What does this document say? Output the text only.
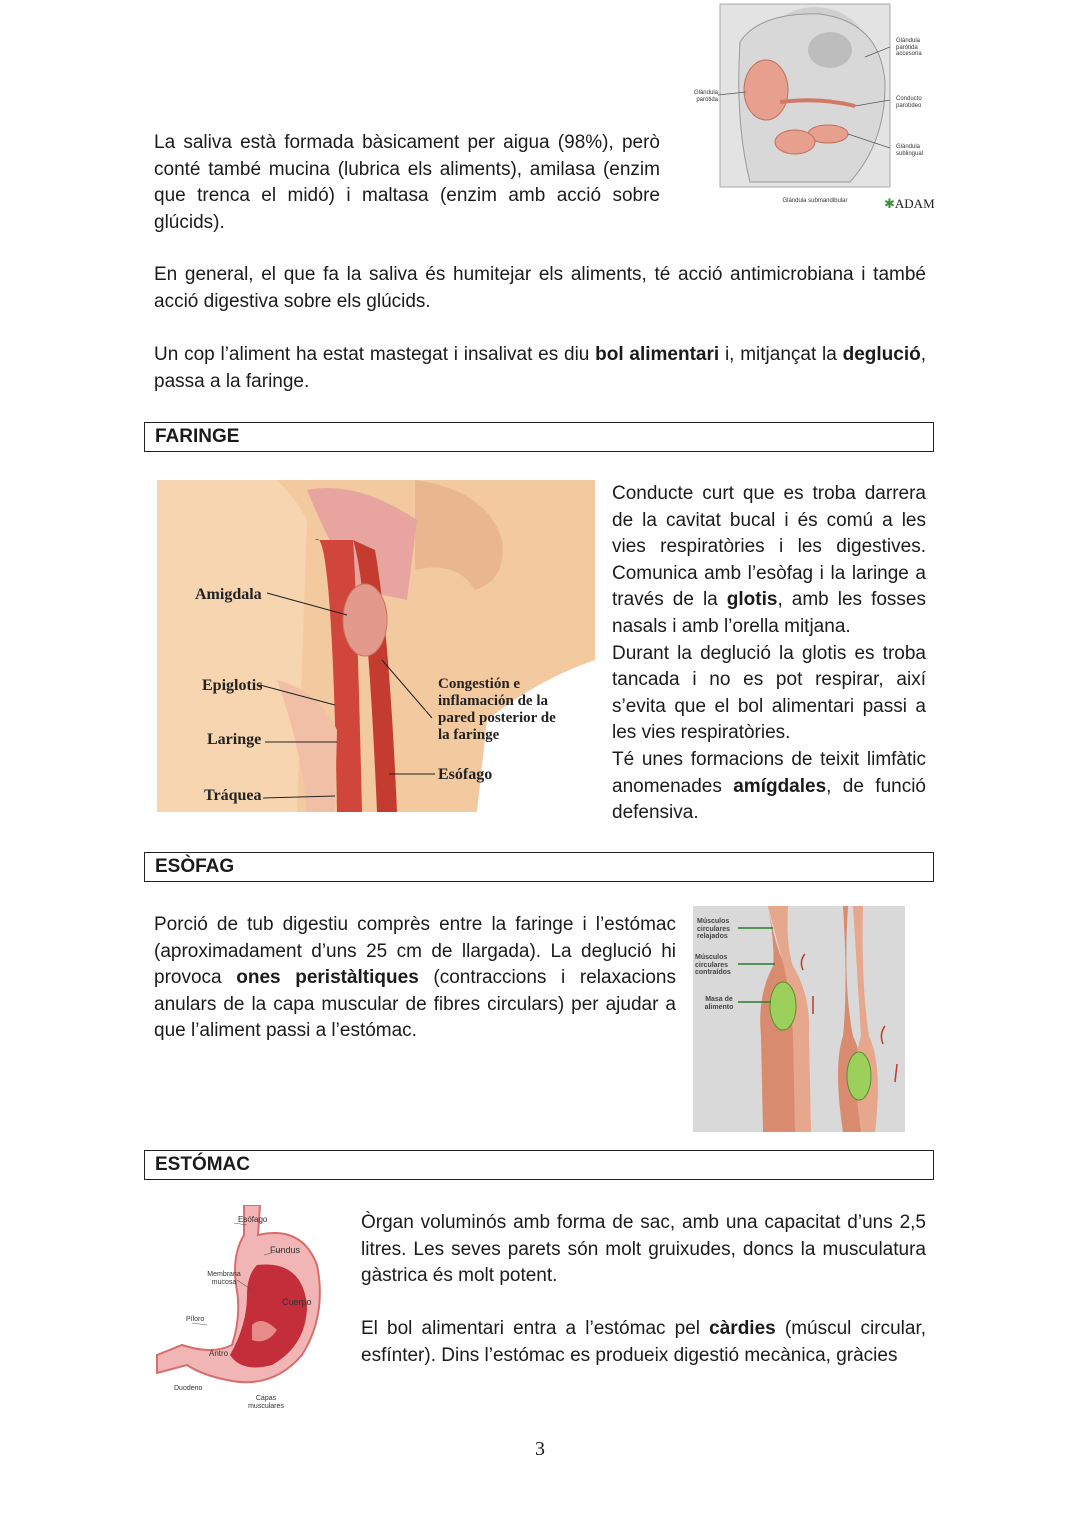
Glándula parótida
Glándula parótida accesoria
Conducto parotídeo
Glándula sublingual
Glándula submandibular	✱ADAM

La saliva està formada bàsicament per aigua (98%), però conté també mucina (lubrica els aliments), amilasa (enzim que trenca el midó) i maltasa (enzim amb acció sobre glúcids).

En general, el que fa la saliva és humitejar els aliments, té acció antimicrobiana i també acció digestiva sobre els glúcids.

Un cop l’aliment ha estat mastegat i insalivat es diu bol alimentari i, mitjançat la deglució, passa a la faringe.

FARINGE
Amigdala
Epiglotis
Laringe
Tráquea
Congestión e inflamación de la pared posterior de la faringe
Esófago
Conducte curt que es troba darrera de la cavitat bucal i és comú a les vies respiratòries i les digestives. Comunica amb l’esòfag i la laringe a través de la glotis, amb les fosses nasals i amb l’orella mitjana.
Durant la deglució la glotis es troba tancada i no es pot respirar, així s’evita que el bol alimentari passi a les vies respiratòries.
Té unes formacions de teixit limfàtic anomenades amígdales, de funció defensiva.
ESÒFAG

Porció de tub digestiu comprès entre la faringe i l’estómac (aproximadament d’uns 25 cm de llargada). La deglució hi provoca ones peristàltiques (contraccions i relaxacions anulars de la capa muscular de fibres circulars) per ajudar a que l’aliment passi a l’estómac.

Músculos circulares relajados
Músculos circulares contraídos
Masa de alimento
ESTÓMAC
Esófago
Fundus
Membrana mucosa
Cuerpo
Píloro
Antro
Duodeno
Capas musculares

Òrgan voluminós amb forma de sac, amb una capacitat d’uns 2,5 litres. Les seves parets són molt gruixudes, doncs la musculatura gàstrica és molt potent.

El bol alimentari entra a l’estómac pel càrdies (múscul circular, esfínter). Dins l’estómac es produeix digestió mecànica, gràcies

3
